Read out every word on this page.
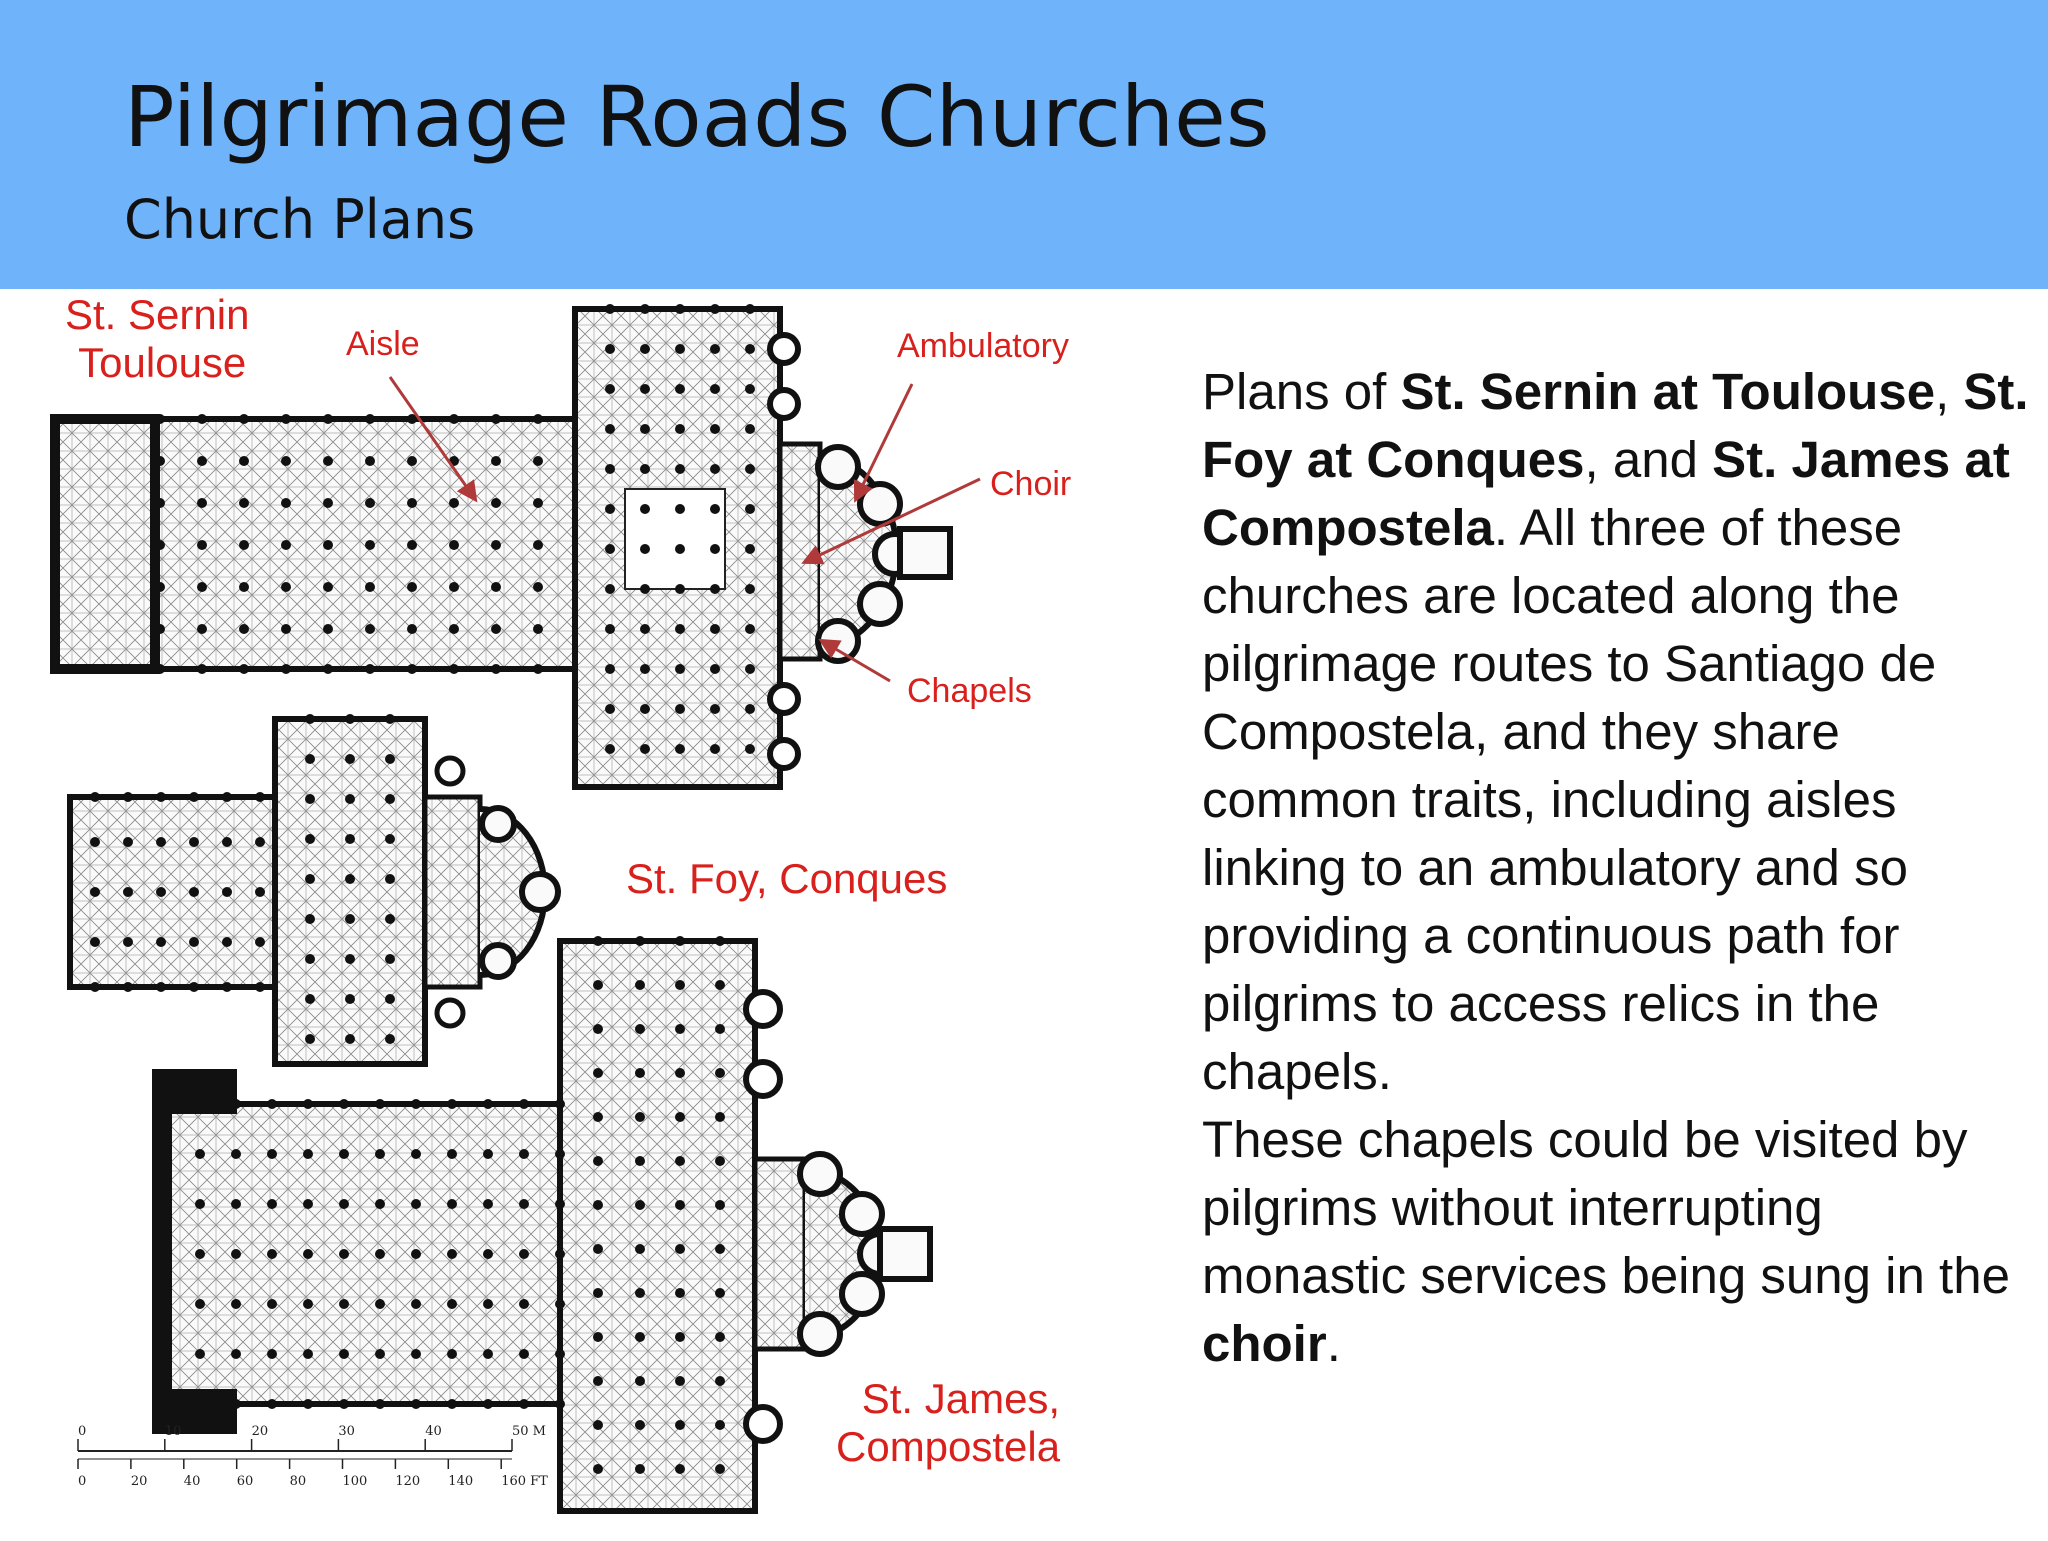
Pilgrimage Roads Churches
Church Plans
0	10	20	30	40	50 M
0	20	40	60	80	100 120 140 160 FT
St. Sernin
Toulouse	Aisle	Ambulatory
Choir
Chapels
St. Foy, Conques
St. James,
Compostela
Plans of St. Sernin at Toulouse, St. Foy at Conques, and St. James at Compostela. All three of these churches are located along the pilgrimage routes to Santiago de Compostela, and they share common traits, including aisles linking to an ambulatory and so providing a continuous path for pilgrims to access relics in the chapels.
These chapels could be visited by pilgrims without interrupting monastic services being sung in the choir.
